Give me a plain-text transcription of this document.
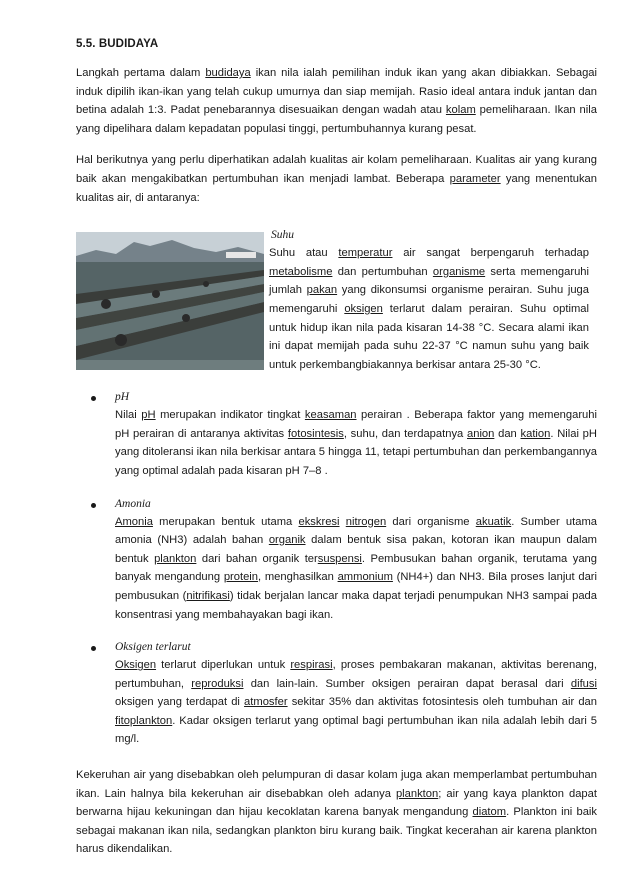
5.5. BUDIDAYA

Langkah pertama dalam budidaya ikan nila ialah pemilihan induk ikan yang akan dibiakkan. Sebagai induk dipilih ikan-ikan yang telah cukup umurnya dan siap memijah. Rasio ideal antara induk jantan dan betina adalah 1:3. Padat penebarannya disesuaikan dengan wadah atau kolam pemeliharaan. Ikan nila yang dipelihara dalam kepadatan populasi tinggi, pertumbuhannya kurang pesat.

Hal berikutnya yang perlu diperhatikan adalah kualitas air kolam pemeliharaan. Kualitas air yang kurang baik akan mengakibatkan pertumbuhan ikan menjadi lambat. Beberapa parameter yang menentukan kualitas air, di antaranya:

Suhu

Suhu atau temperatur air sangat berpengaruh terhadap metabolisme dan pertumbuhan organisme serta memengaruhi jumlah pakan yang dikonsumsi organisme perairan. Suhu juga memengaruhi oksigen terlarut dalam perairan. Suhu optimal untuk hidup ikan nila pada kisaran 14-38 °C. Secara alami ikan ini dapat memijah pada suhu 22-37 °C namun suhu yang baik untuk perkembangbiakannya berkisar antara 25-30 °C.

pH
Nilai pH merupakan indikator tingkat keasaman perairan . Beberapa faktor yang memengaruhi pH perairan di antaranya aktivitas fotosintesis, suhu, dan terdapatnya anion dan kation. Nilai pH yang ditoleransi ikan nila berkisar antara 5 hingga 11, tetapi pertumbuhan dan perkembangannya yang optimal adalah pada kisaran pH 7–8 .
Amonia
Amonia merupakan bentuk utama ekskresi nitrogen dari organisme akuatik. Sumber utama amonia (NH3) adalah bahan organik dalam bentuk sisa pakan, kotoran ikan maupun dalam bentuk plankton dari bahan organik tersuspensi. Pembusukan bahan organik, terutama yang banyak mengandung protein, menghasilkan ammonium (NH4+) dan NH3. Bila proses lanjut dari pembusukan (nitrifikasi) tidak berjalan lancar maka dapat terjadi penumpukan NH3 sampai pada konsentrasi yang membahayakan bagi ikan.
Oksigen terlarut
Oksigen terlarut diperlukan untuk respirasi, proses pembakaran makanan, aktivitas berenang, pertumbuhan, reproduksi dan lain-lain. Sumber oksigen perairan dapat berasal dari difusi oksigen yang terdapat di atmosfer sekitar 35% dan aktivitas fotosintesis oleh tumbuhan air dan fitoplankton. Kadar oksigen terlarut yang optimal bagi pertumbuhan ikan nila adalah lebih dari 5 mg/l.

Kekeruhan air yang disebabkan oleh pelumpuran di dasar kolam juga akan memperlambat pertumbuhan ikan. Lain halnya bila kekeruhan air disebabkan oleh adanya plankton; air yang kaya plankton dapat berwarna hijau kekuningan dan hijau kecoklatan karena banyak mengandung diatom. Plankton ini baik sebagai makanan ikan nila, sedangkan plankton biru kurang baik. Tingkat kecerahan air karena plankton harus dikendalikan.
